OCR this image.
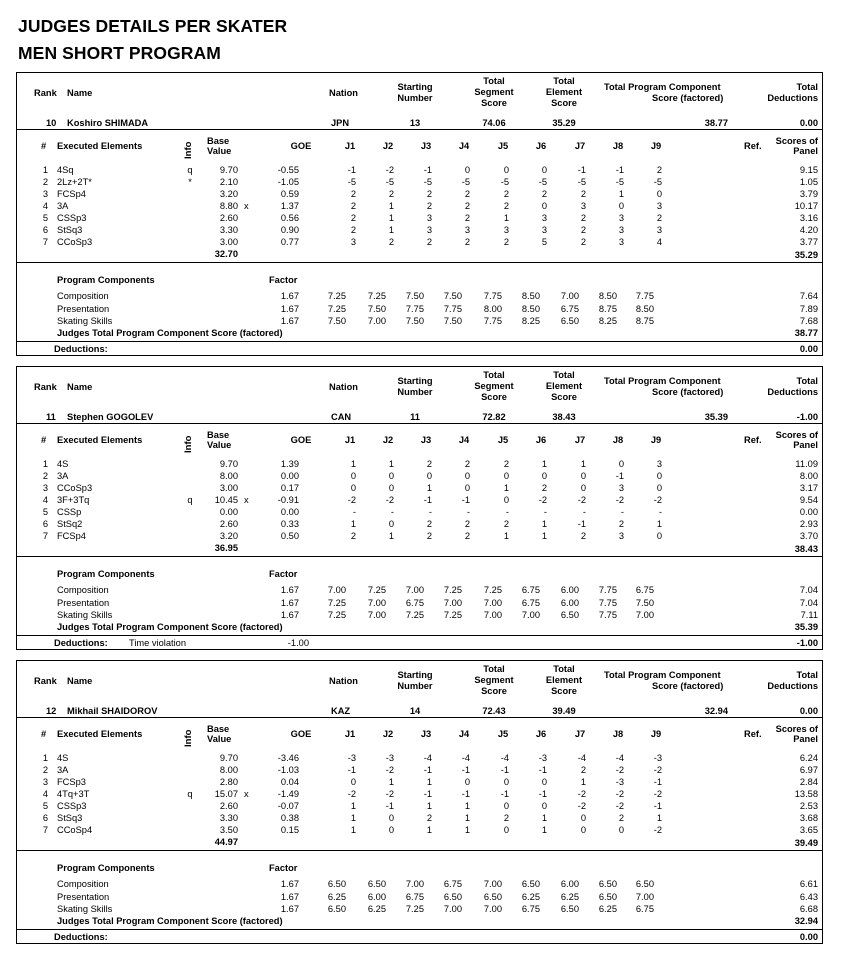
JUDGES DETAILS PER SKATER
MEN SHORT PROGRAM
Rank Name	Nation
Starting
Number
Total
Segment
Score
Total
Element
Score
Total Program Component
Score (factored)
Total
Deductions
10 Koshiro SHIMADA	JPN	13	74.06	35.29	38.77	0.00
# Executed Elements	Info
Base
Value	GOE	J1	J2	J3	J4	J5	J6	J7	J8	J9	Ref.	Scores of
Panel
1 4Sq	q	9.70	-0.55	-1	-2	-1	0	0	0	-1	-1	2	9.15
2 2Lz+2T*	*	2.10	-1.05	-5	-5	-5	-5	-5	-5	-5	-5	-5	1.05
3 FCSp4	3.20	0.59	2	2	2	2	2	2	2	1	0	3.79
4 3A	8.80 x	1.37	2	1	2	2	2	0	3	0	3	10.17
5 CSSp3	2.60	0.56	2	1	3	2	1	3	2	3	2	3.16
6 StSq3	3.30	0.90	2	1	3	3	3	3	2	3	3	4.20
7 CCoSp3	3.00	0.77	3	2	2	2	2	5	2	3	4	3.77
32.70	35.29
Program Components	Factor
Composition	1.67	7.25	7.25	7.50	7.50	7.75	8.50	7.00	8.50	7.75	7.64
Presentation	1.67	7.25	7.50	7.75	7.75	8.00	8.50	6.75	8.75	8.50	7.89
Skating Skills	1.67	7.50	7.00	7.50	7.50	7.75	8.25	6.50	8.25	8.75	7.68
Judges Total Program Component Score (factored)	38.77
Deductions:	0.00
Rank Name	Nation
Starting
Number
Total
Segment
Score
Total
Element
Score
Total Program Component
Score (factored)
Total
Deductions
11 Stephen GOGOLEV	CAN	11	72.82	38.43	35.39	-1.00
# Executed Elements	Info
Base
Value	GOE	J1	J2	J3	J4	J5	J6	J7	J8	J9	Ref.	Scores of
Panel
1 4S	9.70	1.39	1	1	2	2	2	1	1	0	3	11.09
2 3A	8.00	0.00	0	0	0	0	0	0	0	-1	0	8.00
3 CCoSp3	3.00	0.17	0	0	1	0	1	2	0	3	0	3.17
4 3F+3Tq	q	10.45 x	-0.91	-2	-2	-1	-1	0	-2	-2	-2	-2	9.54
5 CSSp	0.00	0.00	-	-	-	-	-	-	-	-	-	0.00
6 StSq2	2.60	0.33	1	0	2	2	2	1	-1	2	1	2.93
7 FCSp4	3.20	0.50	2	1	2	2	1	1	2	3	0	3.70
36.95	38.43
Program Components	Factor
Composition	1.67	7.00	7.25	7.00	7.25	7.25	6.75	6.00	7.75	6.75	7.04
Presentation	1.67	7.25	7.00	6.75	7.00	7.00	6.75	6.00	7.75	7.50	7.04
Skating Skills	1.67	7.25	7.00	7.25	7.25	7.00	7.00	6.50	7.75	7.00	7.11
Judges Total Program Component Score (factored)	35.39
Deductions: Time violation	-1.00	-1.00
Rank Name	Nation
Starting
Number
Total
Segment
Score
Total
Element
Score
Total Program Component
Score (factored)
Total
Deductions
12 Mikhail SHAIDOROV	KAZ	14	72.43	39.49	32.94	0.00
# Executed Elements	Info
Base
Value	GOE	J1	J2	J3	J4	J5	J6	J7	J8	J9	Ref.	Scores of
Panel
1 4S	9.70	-3.46	-3	-3	-4	-4	-4	-3	-4	-4	-3	6.24
2 3A	8.00	-1.03	-1	-2	-1	-1	-1	-1	2	-2	-2	6.97
3 FCSp3	2.80	0.04	0	1	1	0	0	0	1	-3	-1	2.84
4 4Tq+3T	q	15.07 x	-1.49	-2	-2	-1	-1	-1	-1	-2	-2	-2	13.58
5 CSSp3	2.60	-0.07	1	-1	1	1	0	0	-2	-2	-1	2.53
6 StSq3	3.30	0.38	1	0	2	1	2	1	0	2	1	3.68
7 CCoSp4	3.50	0.15	1	0	1	1	0	1	0	0	-2	3.65
44.97	39.49
Program Components	Factor
Composition	1.67	6.50	6.50	7.00	6.75	7.00	6.50	6.00	6.50	6.50	6.61
Presentation	1.67	6.25	6.00	6.75	6.50	6.50	6.25	6.25	6.50	7.00	6.43
Skating Skills	1.67	6.50	6.25	7.25	7.00	7.00	6.75	6.50	6.25	6.75	6.68
Judges Total Program Component Score (factored)	32.94
Deductions:	0.00
